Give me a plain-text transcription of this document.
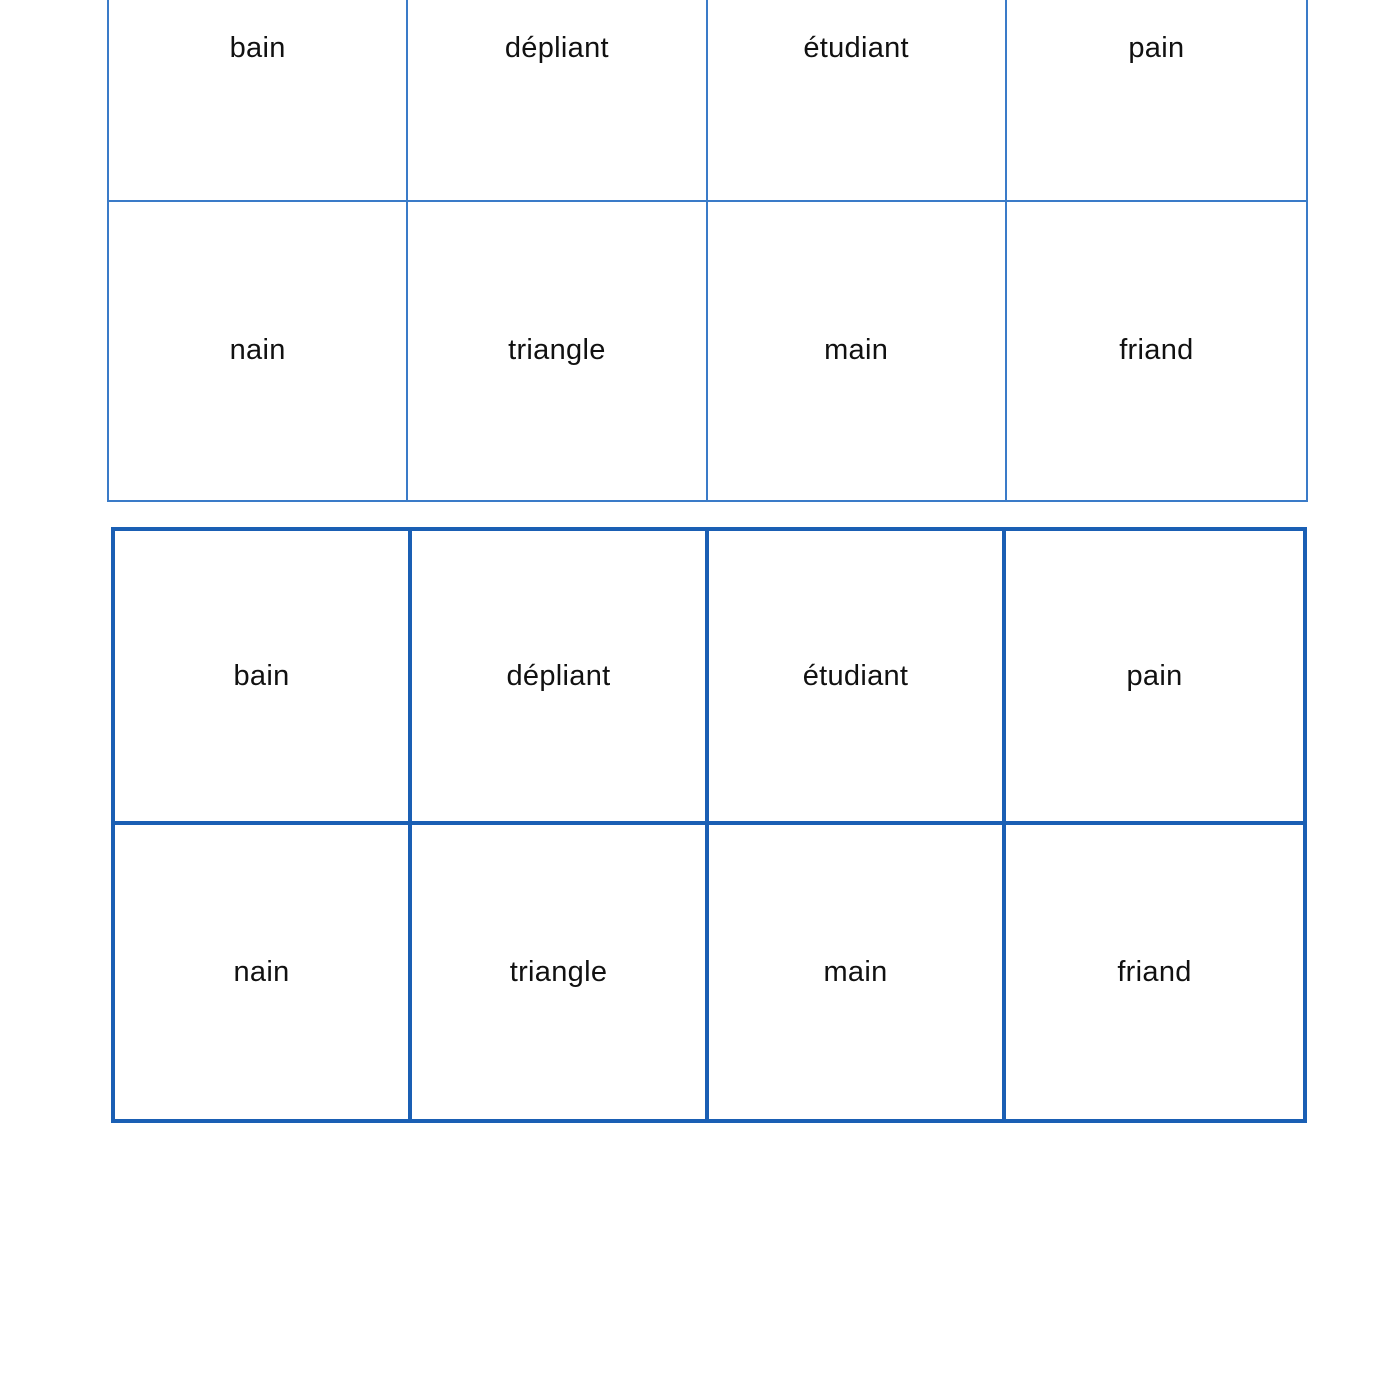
bain	dépliant	étudiant	pain
nain	triangle	main	friand
bain	dépliant	étudiant	pain
nain	triangle	main	friand
